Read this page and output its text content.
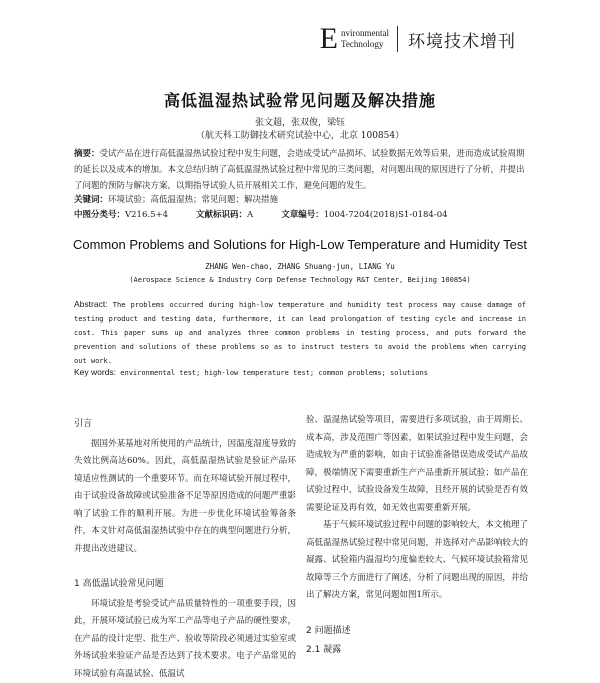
E nvironmental
Technology	环境技术增刊
高低温湿热试验常见问题及解决措施
张文超，张双俊，梁钰
（航天科工防御技术研究试验中心，北京 100854）
摘要：受试产品在进行高低温湿热试验过程中发生问题，会造成受试产品损坏、试验数据无效等后果，进而造成试验周期的延长以及成本的增加。本文总结归纳了高低温湿热试验过程中常见的三类问题，对问题出现的原因进行了分析，并提出了问题的预防与解决方案，以期指导试验人员开展相关工作，避免问题的发生。
关键词：环境试验；高低温湿热；常见问题；解决措施
中图分类号：V216.5+4	文献标识码：A	文章编号：1004-7204(2018)S1-0184-04
Common Problems and Solutions for High-Low Temperature and Humidity Test
ZHANG Wen-chao, ZHANG Shuang-jun, LIANG Yu
(Aerospace Science & Industry Corp Defense Technology R&T Center, Beijing 100854)
Abstract: The problems occurred during high-low temperature and humidity test process may cause damage of testing product and testing data, furthermore, it can lead prolongation of testing cycle and increase in cost. This paper sums up and analyzes three common problems in testing process, and puts forward the prevention and solutions of these problems so as to instruct testers to avoid the problems when carrying out work.
Key words: environmental test; high-low temperature test; common problems; solutions
引言

据国外某基地对所使用的产品统计，因温度湿度导致的失效比例高达60%。因此，高低温湿热试验是验证产品环境适应性测试的一个重要环节。而在环境试验开展过程中，由于试验设备故障或试验准备不足等原因造成的问题严重影响了试验工作的顺利开展。为进一步优化环境试验筹备条件，本文针对高低温湿热试验中存在的典型问题进行分析，并提出改进建议。

1 高低温试验常见问题

环境试验是考验受试产品质量特性的一项重要手段，因此，开展环境试验已成为军工产品等电子产品的硬性要求，在产品的设计定型、批生产、验收等阶段必须通过实验室或外场试验来验证产品是否达到了技术要求。电子产品常见的环境试验有高温试验、低温试

验、温湿热试验等项目，需要进行多项试验，由于周期长、成本高，涉及范围广等因素，如果试验过程中发生问题，会造成较为严重的影响，如由于试验准备错误造成受试产品故障，极端情况下需要重新生产产品重新开展试验；如产品在试验过程中，试验设备发生故障，且经开展的试验是否有效需要论证及再有效，如无效也需要重新开展。

基于气候环境试验过程中问题的影响较大，本文梳理了高低温湿热试验过程中常见问题，并选择对产品影响较大的凝露、试验箱内温湿均匀度偏差较大、气候环境试验箱常见故障等三个方面进行了阐述，分析了问题出现的原因，并给出了解决方案，常见问题如图1所示。

2 问题描述
2.1 凝露
